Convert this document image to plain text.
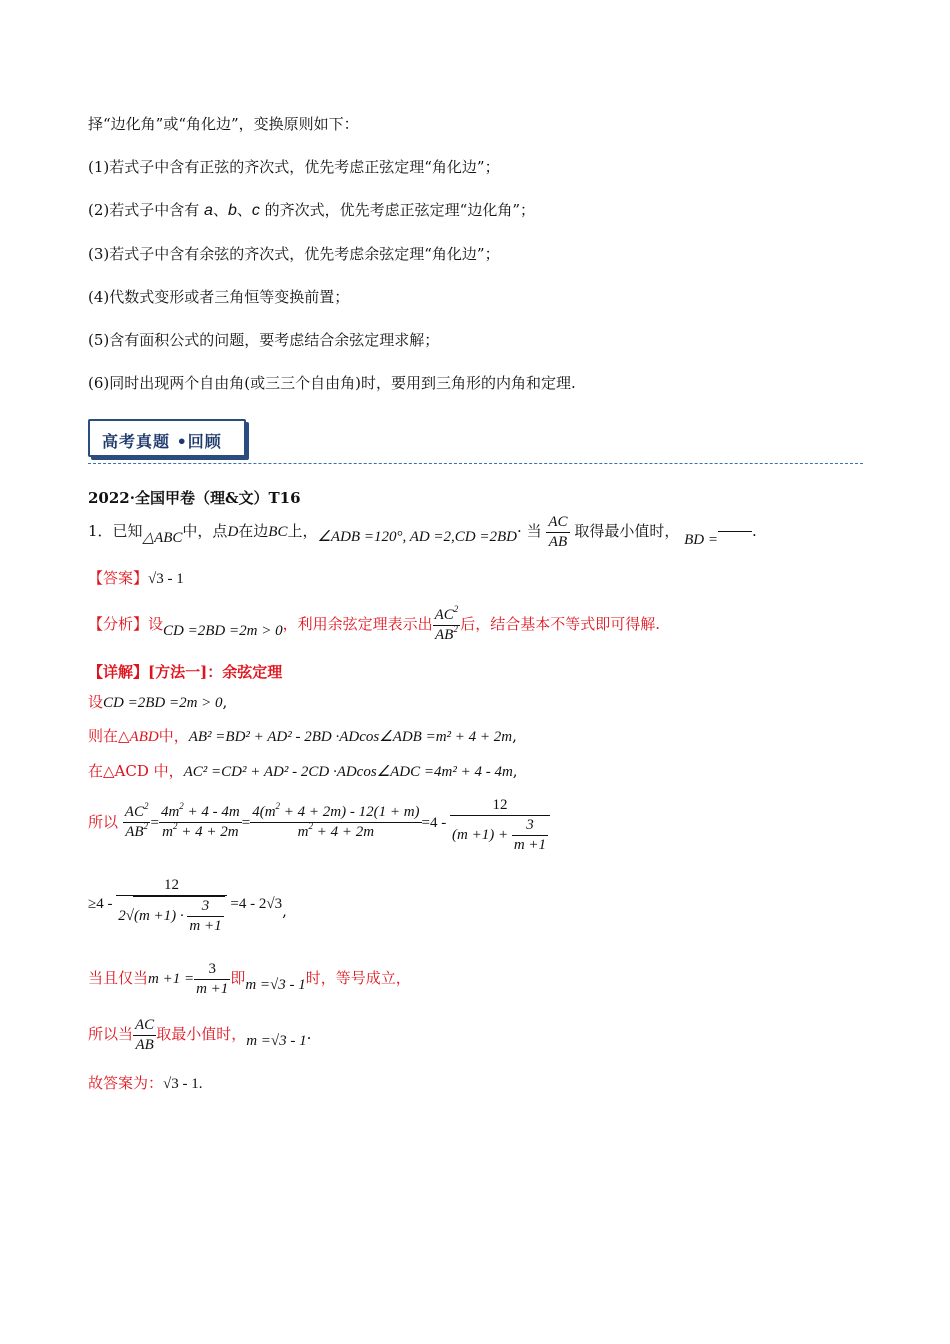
择“边化角”或“角化边”，变换原则如下：
(1)若式子中含有正弦的齐次式，优先考虑正弦定理“角化边”；
(2)若式子中含有 a、b、c 的齐次式，优先考虑正弦定理“边化角”；
(3)若式子中含有余弦的齐次式，优先考虑余弦定理“角化边”；
(4)代数式变形或者三角恒等变换前置；
(5)含有面积公式的问题，要考虑结合余弦定理求解；
(6)同时出现两个自由角(或三三个自由角)时，要用到三角形的内角和定理.
高考真题 •回顾
2022·全国甲卷（理&文）T16
1．已知△ABC中，点D在边BC上，∠ADB =120°, AD =2,CD =2BD· 当 $\frac{AC}{AB}$ 取得最小值时， BD = .
【答案】√3 - 1
【分析】设CD =2BD =2m > 0，利用余弦定理表示出 $\frac{AC^2}{AB^2}$ 后，结合基本不等式即可得解.
【详解】[方法一]：余弦定理
设CD =2BD =2m > 0,
则在△ABD中，AB² =BD² + AD² - 2BD ·ADcos∠ADB =m² + 4 + 2m,
在△ACD 中，AC² =CD² + AD² - 2CD ·ADcos∠ADC =4m² + 4 - 4m,
所以 $\frac{AC^2}{AB^2} = \frac{4m^2 + 4 - 4m}{m^2 + 4 + 2m} = \frac{4(m^2 + 4 + 2m) - 12(1 + m)}{m^2 + 4 + 2m} =4 - \frac{12}{(m +1) + \frac{3}{m +1}}$
$\ge 4 - \frac{12}{2√(m +1) \cdot \frac{3}{m +1}} =4 - 2√3$,
当且仅当$m +1 = \frac{3}{m +1}$ 即m =√3 - 1时，等号成立，
所以当 $\frac{AC}{AB}$ 取最小值时，m =√3 - 1.
故答案为：√3 - 1.
